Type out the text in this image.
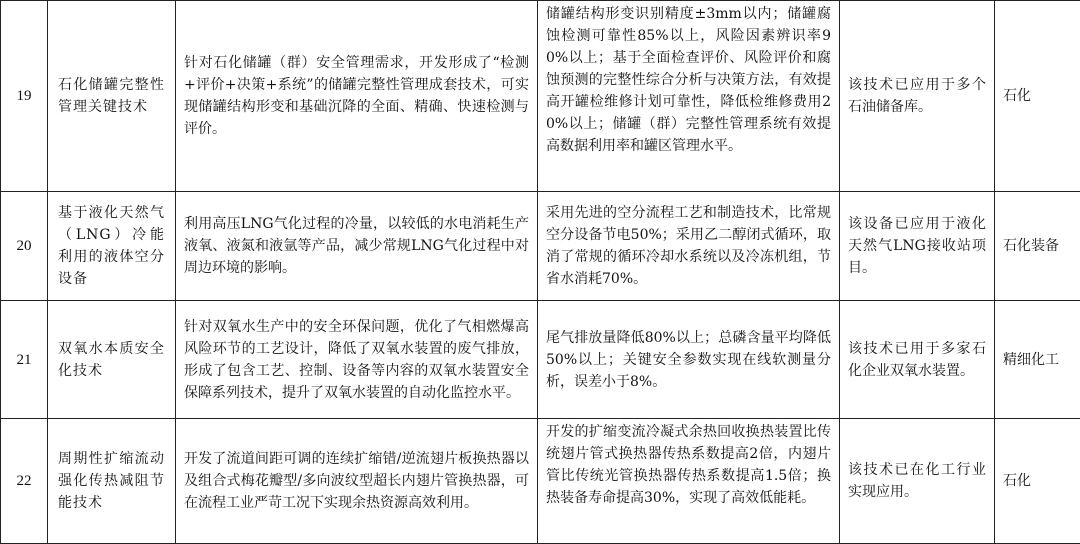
19	石化储罐完整性管理关键技术	针对石化储罐（群）安全管理需求，开发形成了“检测+评价+决策+系统”的储罐完整性管理成套技术，可实现储罐结构形变和基础沉降的全面、精确、快速检测与评价。	储罐结构形变识别精度±3mm以内；储罐腐蚀检测可靠性85%以上，风险因素辨识率90%以上；基于全面检查评价、风险评价和腐蚀预测的完整性综合分析与决策方法，有效提高开罐检维修计划可靠性，降低检维修费用20%以上；储罐（群）完整性管理系统有效提高数据利用率和罐区管理水平。	该技术已应用于多个石油储备库。	石化
20	基于液化天然气（LNG）冷能利用的液体空分设备	利用高压LNG气化过程的冷量，以较低的水电消耗生产液氧、液氮和液氩等产品，减少常规LNG气化过程中对周边环境的影响。	采用先进的空分流程工艺和制造技术，比常规空分设备节电50%；采用乙二醇闭式循环，取消了常规的循环冷却水系统以及冷冻机组，节省水消耗70%。	该设备已应用于液化天然气LNG接收站项目。	石化装备
21	双氧水本质安全化技术	针对双氧水生产中的安全环保问题，优化了气相燃爆高风险环节的工艺设计，降低了双氧水装置的废气排放，形成了包含工艺、控制、设备等内容的双氧水装置安全保障系列技术，提升了双氧水装置的自动化监控水平。	尾气排放量降低80%以上；总磷含量平均降低50%以上；关键安全参数实现在线软测量分析，误差小于8%。	该技术已用于多家石化企业双氧水装置。	精细化工
22	周期性扩缩流动强化传热减阻节能技术	开发了流道间距可调的连续扩缩错/逆流翅片板换热器以及组合式梅花瓣型/多向波纹型超长内翅片管换热器，可在流程工业严苛工况下实现余热资源高效利用。	开发的扩缩变流冷凝式余热回收换热装置比传统翅片管式换热器传热系数提高2倍，内翅片管比传统光管换热器传热系数提高1.5倍；换热装备寿命提高30%，实现了高效低能耗。	该技术已在化工行业实现应用。	石化
